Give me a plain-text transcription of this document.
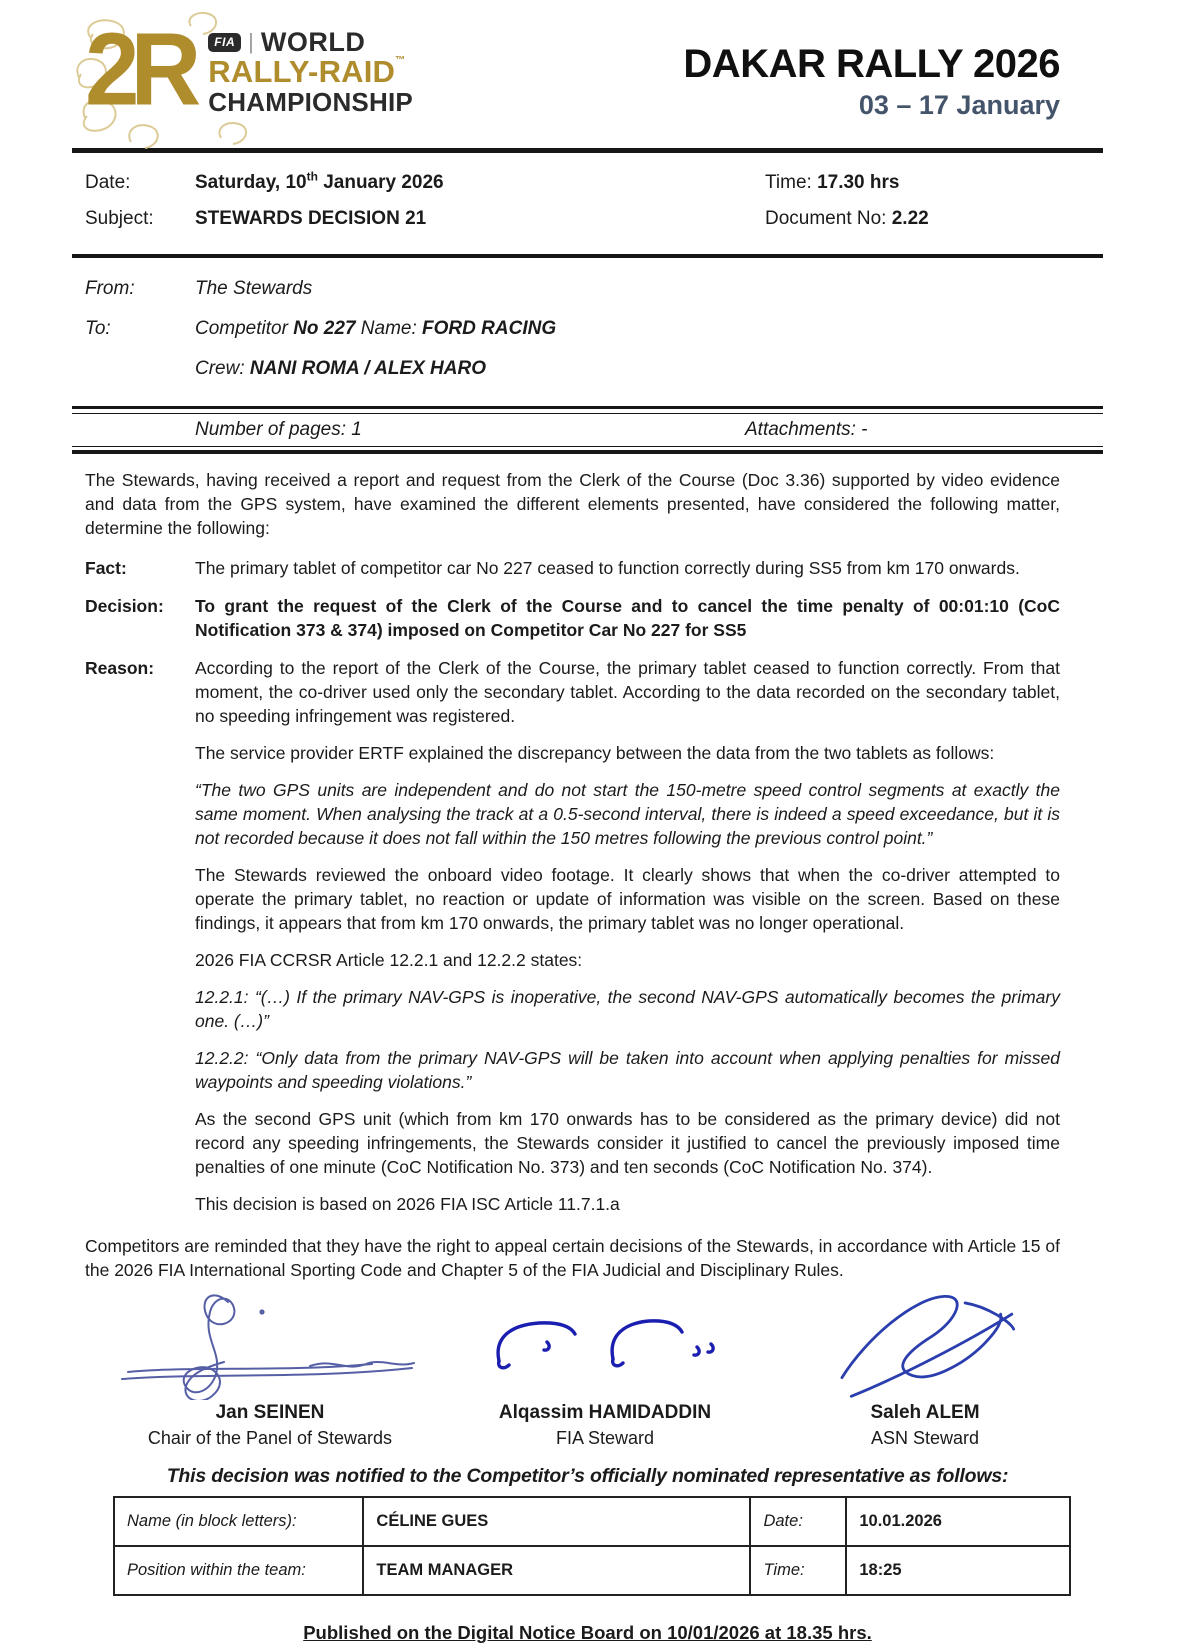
2R	FIA | WORLD
RALLY-RAID™
CHAMPIONSHIP
DAKAR RALLY 2026
03 – 17 January
Date:	Saturday, 10th January 2026	Time: 17.30 hrs
Subject:	STEWARDS DECISION 21	Document No: 2.22
From:	The Stewards
To:	Competitor No 227 Name: FORD RACING
Crew: NANI ROMA / ALEX HARO
Number of pages: 1	Attachments: -

The Stewards, having received a report and request from the Clerk of the Course (Doc 3.36) supported by video evidence and data from the GPS system, have examined the different elements presented, have considered the following matter, determine the following:

Fact:	The primary tablet of competitor car No 227 ceased to function correctly during SS5 from km 170 onwards.
Decision:	To grant the request of the Clerk of the Course and to cancel the time penalty of 00:01:10 (CoC Notification 373 & 374) imposed on Competitor Car No 227 for SS5
Reason:	According to the report of the Clerk of the Course, the primary tablet ceased to function correctly. From that moment, the co-driver used only the secondary tablet. According to the data recorded on the secondary tablet, no speeding infringement was registered.

The service provider ERTF explained the discrepancy between the data from the two tablets as follows:

“The two GPS units are independent and do not start the 150-metre speed control segments at exactly the same moment. When analysing the track at a 0.5-second interval, there is indeed a speed exceedance, but it is not recorded because it does not fall within the 150 metres following the previous control point.”

The Stewards reviewed the onboard video footage. It clearly shows that when the co-driver attempted to operate the primary tablet, no reaction or update of information was visible on the screen. Based on these findings, it appears that from km 170 onwards, the primary tablet was no longer operational.

2026 FIA CCRSR Article 12.2.1 and 12.2.2 states:

12.2.1: “(…) If the primary NAV-GPS is inoperative, the second NAV-GPS automatically becomes the primary one. (…)”

12.2.2: “Only data from the primary NAV-GPS will be taken into account when applying penalties for missed waypoints and speeding violations.”

As the second GPS unit (which from km 170 onwards has to be considered as the primary device) did not record any speeding infringements, the Stewards consider it justified to cancel the previously imposed time penalties of one minute (CoC Notification No. 373) and ten seconds (CoC Notification No. 374).

This decision is based on 2026 FIA ISC Article 11.7.1.a

Competitors are reminded that they have the right to appeal certain decisions of the Stewards, in accordance with Article 15 of the 2026 FIA International Sporting Code and Chapter 5 of the FIA Judicial and Disciplinary Rules.

Jan SEINEN
Chair of the Panel of Stewards
Alqassim HAMIDADDIN
FIA Steward
Saleh ALEM
ASN Steward
This decision was notified to the Competitor’s officially nominated representative as follows:
Name (in block letters):	CÉLINE GUES	Date:	10.01.2026
Position within the team:	TEAM MANAGER	Time:	18:25
Published on the Digital Notice Board on 10/01/2026 at 18.35 hrs.
